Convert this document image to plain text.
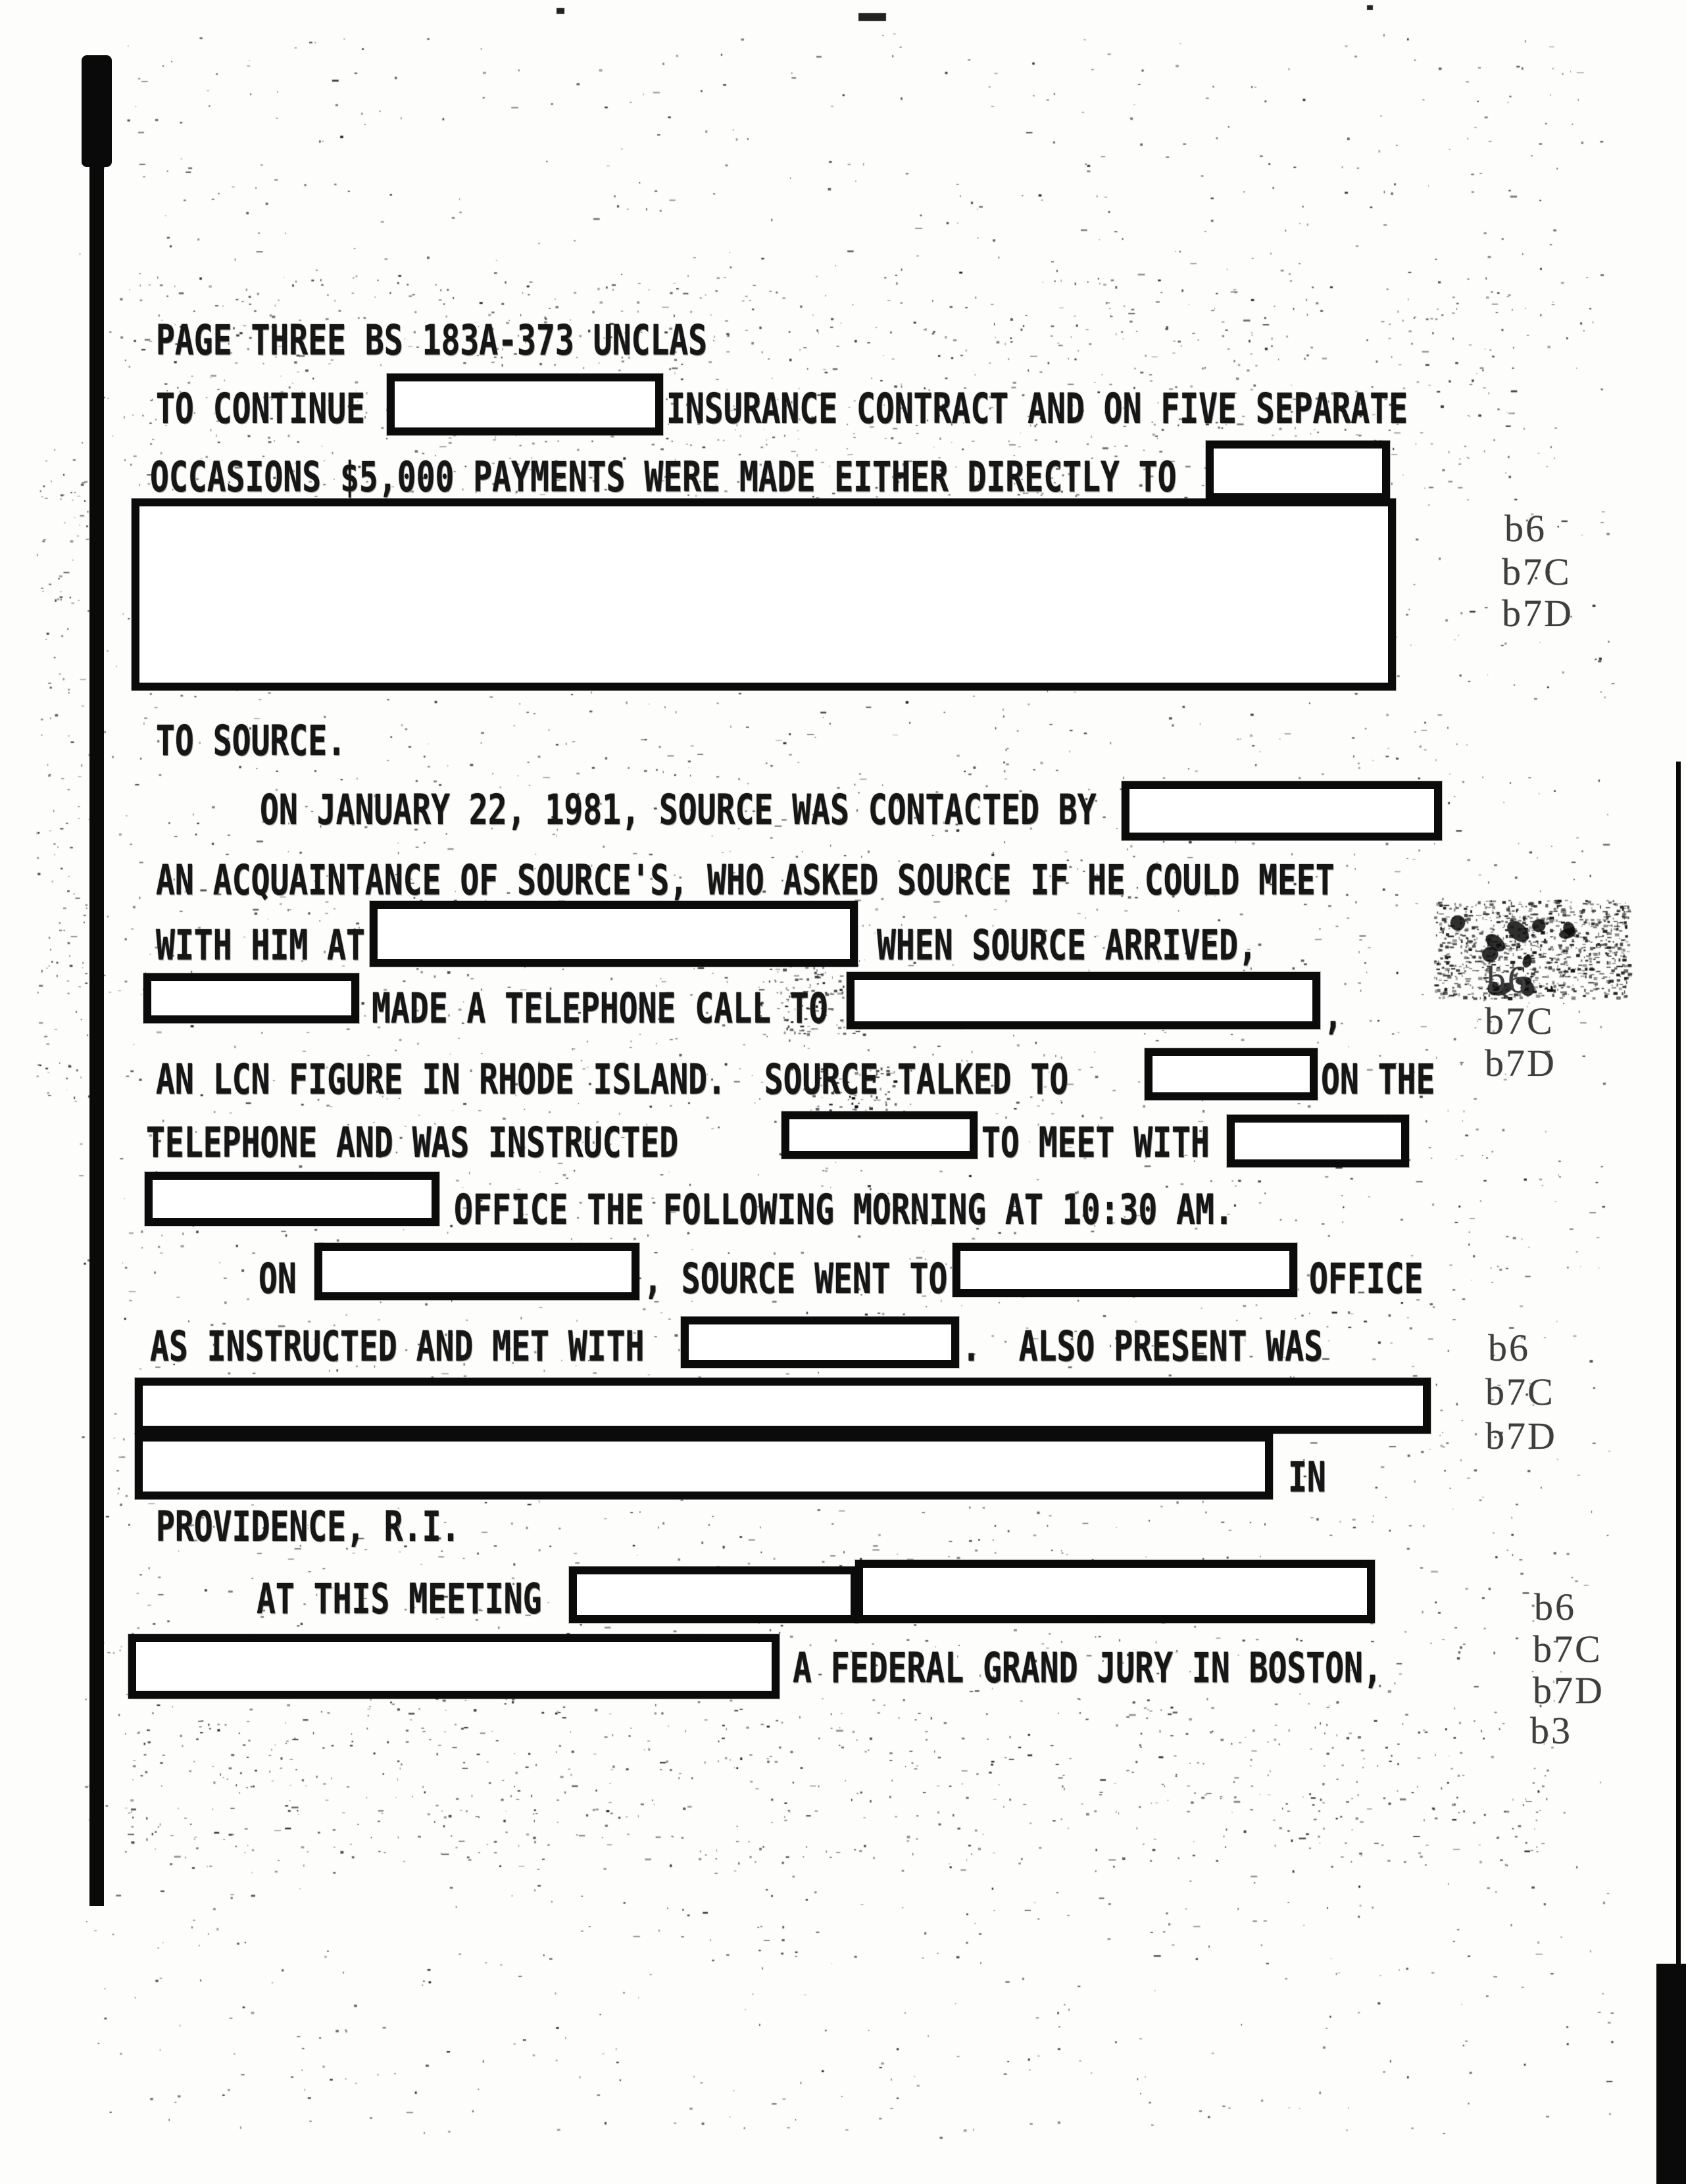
PAGE THREE BS 183A-373 UNCLAS
TO CONTINUE	INSURANCE CONTRACT AND ON FIVE SEPARATE
OCCASIONS $5,000 PAYMENTS WERE MADE EITHER DIRECTLY TO
TO SOURCE.
ON JANUARY 22, 1981, SOURCE WAS CONTACTED BY
AN ACQUAINTANCE OF SOURCE'S, WHO ASKED SOURCE IF HE COULD MEET
WITH HIM AT	WHEN SOURCE ARRIVED,
MADE A TELEPHONE CALL TO	,
AN LCN FIGURE IN RHODE ISLAND.  SOURCE TALKED TO	ON THE
TELEPHONE AND WAS INSTRUCTED	TO MEET WITH
OFFICE THE FOLLOWING MORNING AT 10:30 AM.
ON	, SOURCE WENT TO	OFFICE
AS INSTRUCTED AND MET WITH	.  ALSO PRESENT WAS
IN
PROVIDENCE, R.I.
AT THIS MEETING
A FEDERAL GRAND JURY IN BOSTON,
b6
b7C
b7D
b6
b7C
b7D
b6
b7C
b7D
b6
b7C
b7D
b3
